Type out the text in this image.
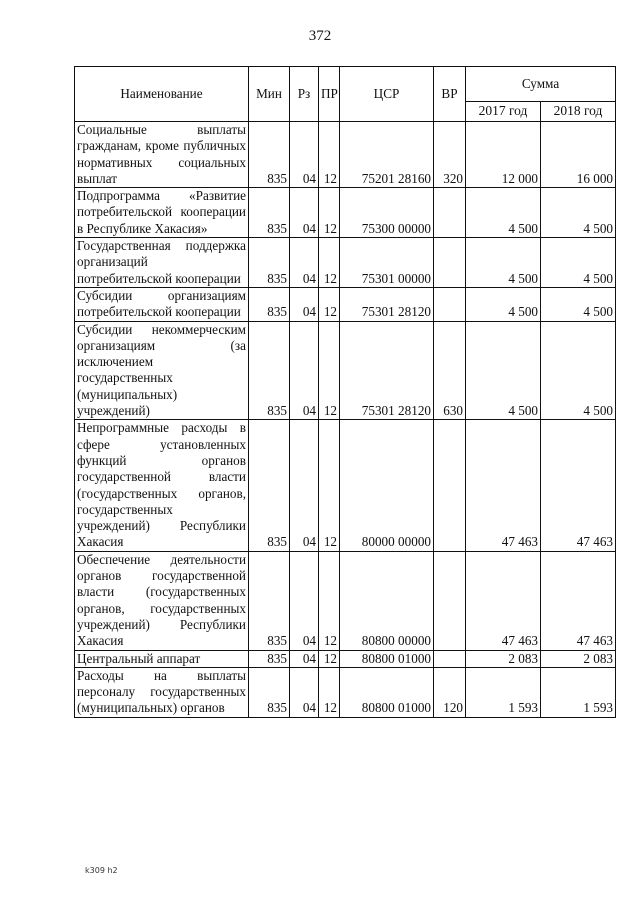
372
Наименование	Мин	Рз	ПР	ЦСР	ВР	Сумма	
						2017 год	2018 год
Социальные выплаты гражданам, кроме публичных нормативных социальных выплат	835	04	12	75201 28160	320	12 000	16 000
Подпрограмма «Развитие потребительской кооперации в Республике Хакасия»	835	04	12	75300 00000		4 500	4 500
Государственная поддержка организаций потребительской кооперации	835	04	12	75301 00000		4 500	4 500
Субсидии организациям потребительской кооперации	835	04	12	75301 28120		4 500	4 500
Субсидии некоммерческим организациям (за исключением государственных (муниципальных) учреждений)	835	04	12	75301 28120	630	4 500	4 500
Непрограммные расходы в сфере установленных функций органов государственной власти (государственных органов, государственных учреждений) Республики Хакасия	835	04	12	80000 00000		47 463	47 463
Обеспечение деятельности органов государственной власти (государственных органов, государственных учреждений) Республики Хакасия	835	04	12	80800 00000		47 463	47 463
Центральный аппарат	835	04	12	80800 01000		2 083	2 083
Расходы на выплаты персоналу государственных (муниципальных) органов	835	04	12	80800 01000	120	1 593	1 593
k309 h2
